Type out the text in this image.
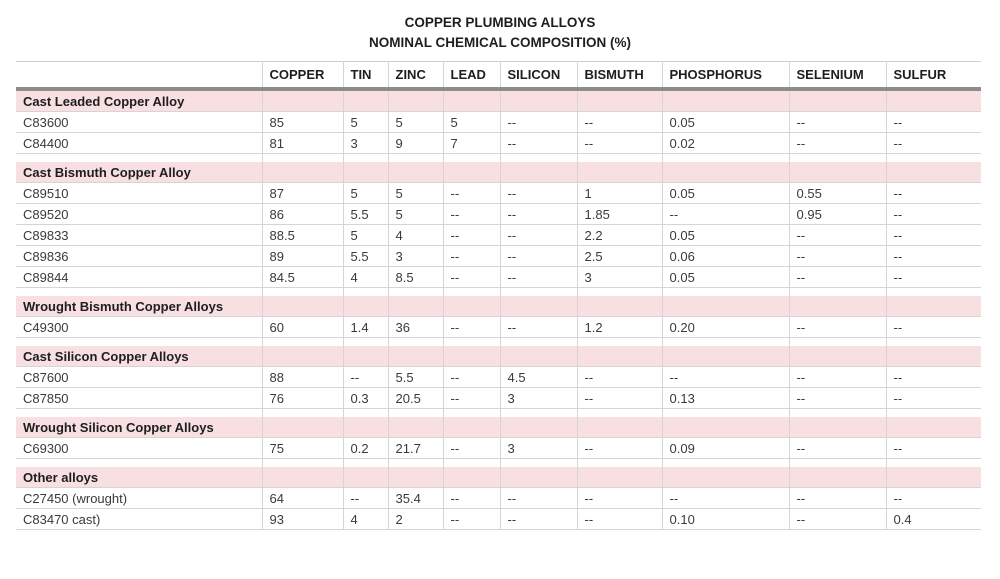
COPPER PLUMBING ALLOYS
NOMINAL CHEMICAL COMPOSITION (%)
	COPPER	TIN	ZINC	LEAD	SILICON	BISMUTH	PHOSPHORUS	SELENIUM	SULFUR
Cast Leaded Copper Alloy									
C83600	85	5	5	5	--	--	0.05	--	--
C84400	81	3	9	7	--	--	0.02	--	--

Cast Bismuth Copper Alloy									
C89510	87	5	5	--	--	1	0.05	0.55	--
C89520	86	5.5	5	--	--	1.85	--	0.95	--
C89833	88.5	5	4	--	--	2.2	0.05	--	--
C89836	89	5.5	3	--	--	2.5	0.06	--	--
C89844	84.5	4	8.5	--	--	3	0.05	--	--

Wrought Bismuth Copper Alloys									
C49300	60	1.4	36	--	--	1.2	0.20	--	--

Cast Silicon Copper Alloys									
C87600	88	--	5.5	--	4.5	--	--	--	--
C87850	76	0.3	20.5	--	3	--	0.13	--	--

Wrought Silicon Copper Alloys									
C69300	75	0.2	21.7	--	3	--	0.09	--	--

Other alloys									
C27450 (wrought)	64	--	35.4	--	--	--	--	--	--
C83470 cast)	93	4	2	--	--	--	0.10	--	0.4
